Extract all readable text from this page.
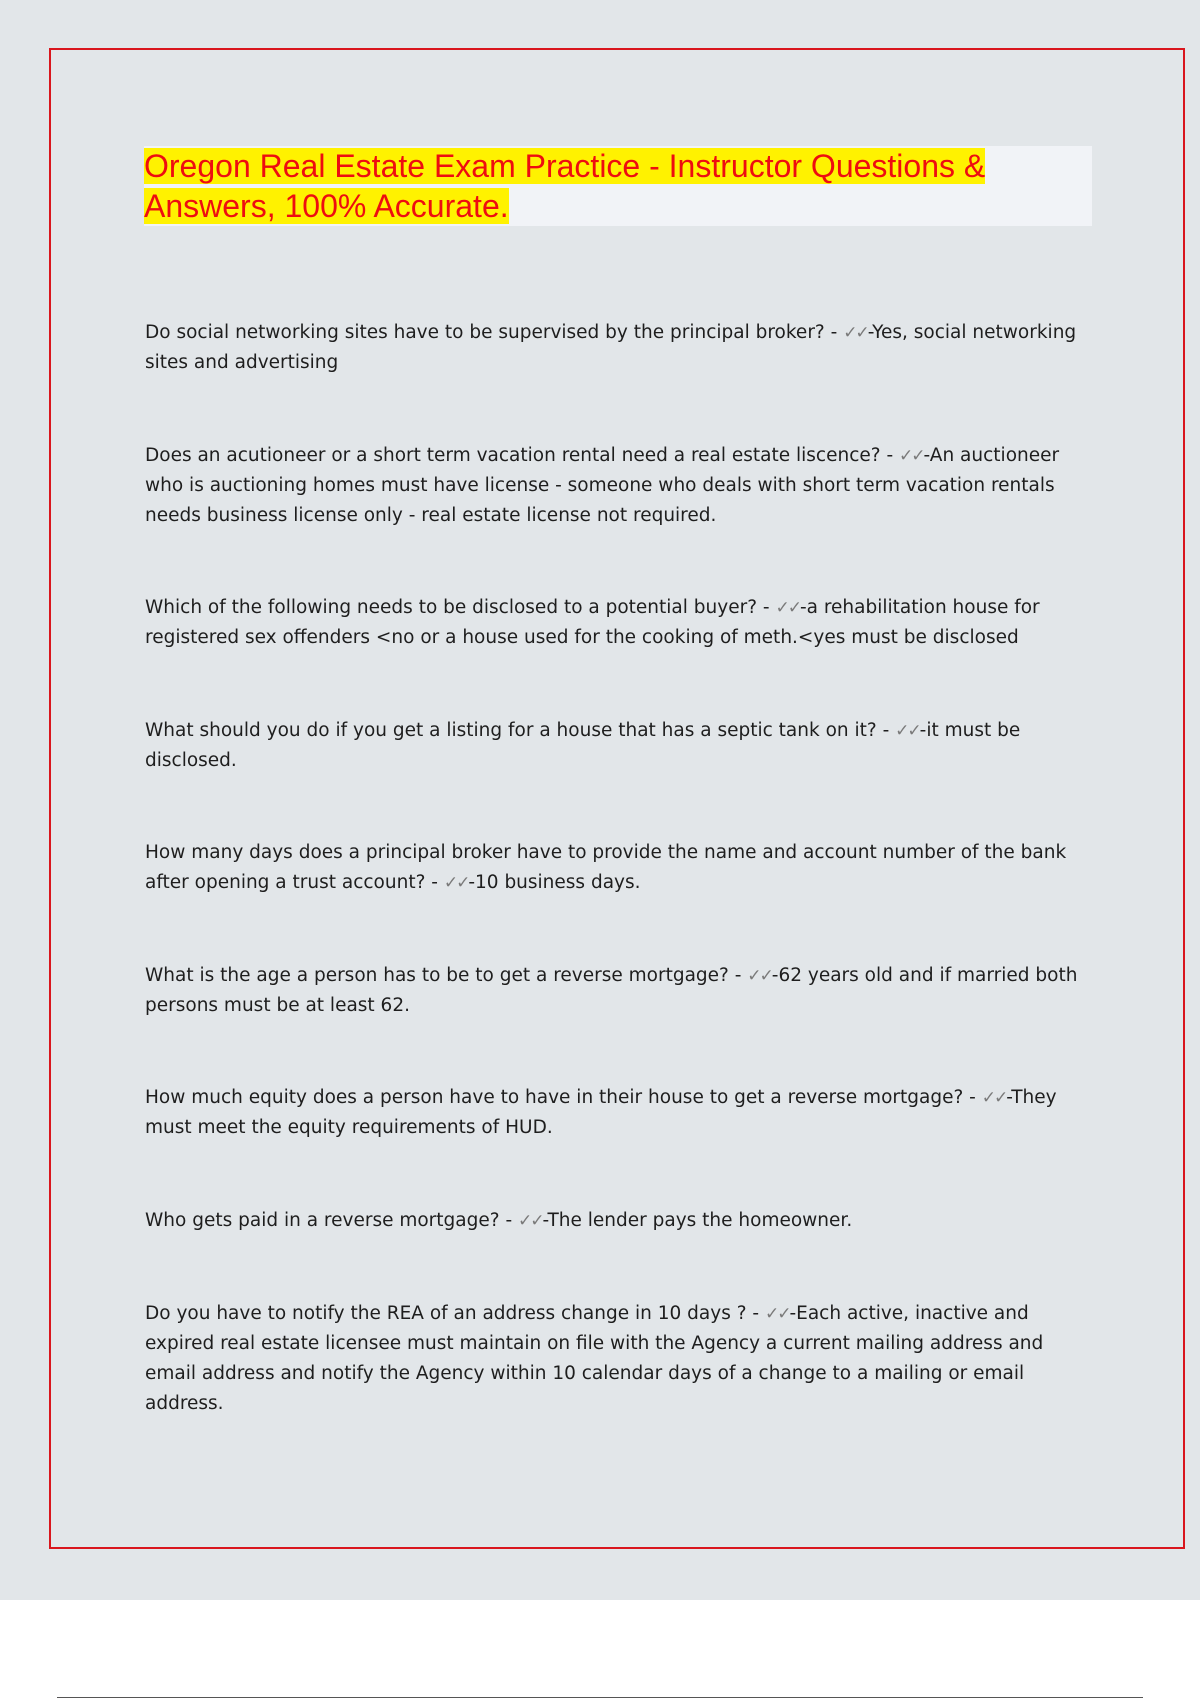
Oregon Real Estate Exam Practice - Instructor Questions & Answers, 100% Accurate.

Do social networking sites have to be supervised by the principal broker? - ✓✓-Yes, social networking sites and advertising

Does an acutioneer or a short term vacation rental need a real estate liscence? - ✓✓-An auctioneer who is auctioning homes must have license - someone who deals with short term vacation rentals needs business license only - real estate license not required.

Which of the following needs to be disclosed to a potential buyer? - ✓✓-a rehabilitation house for registered sex offenders <no or a house used for the cooking of meth.<yes must be disclosed

What should you do if you get a listing for a house that has a septic tank on it? - ✓✓-it must be disclosed.

How many days does a principal broker have to provide the name and account number of the bank after opening a trust account? - ✓✓-10 business days.

What is the age a person has to be to get a reverse mortgage? - ✓✓-62 years old and if married both persons must be at least 62.

How much equity does a person have to have in their house to get a reverse mortgage? - ✓✓-They must meet the equity requirements of HUD.

Who gets paid in a reverse mortgage? - ✓✓-The lender pays the homeowner.

Do you have to notify the REA of an address change in 10 days ? - ✓✓-Each active, inactive and expired real estate licensee must maintain on file with the Agency a current mailing address and email address and notify the Agency within 10 calendar days of a change to a mailing or email address.
